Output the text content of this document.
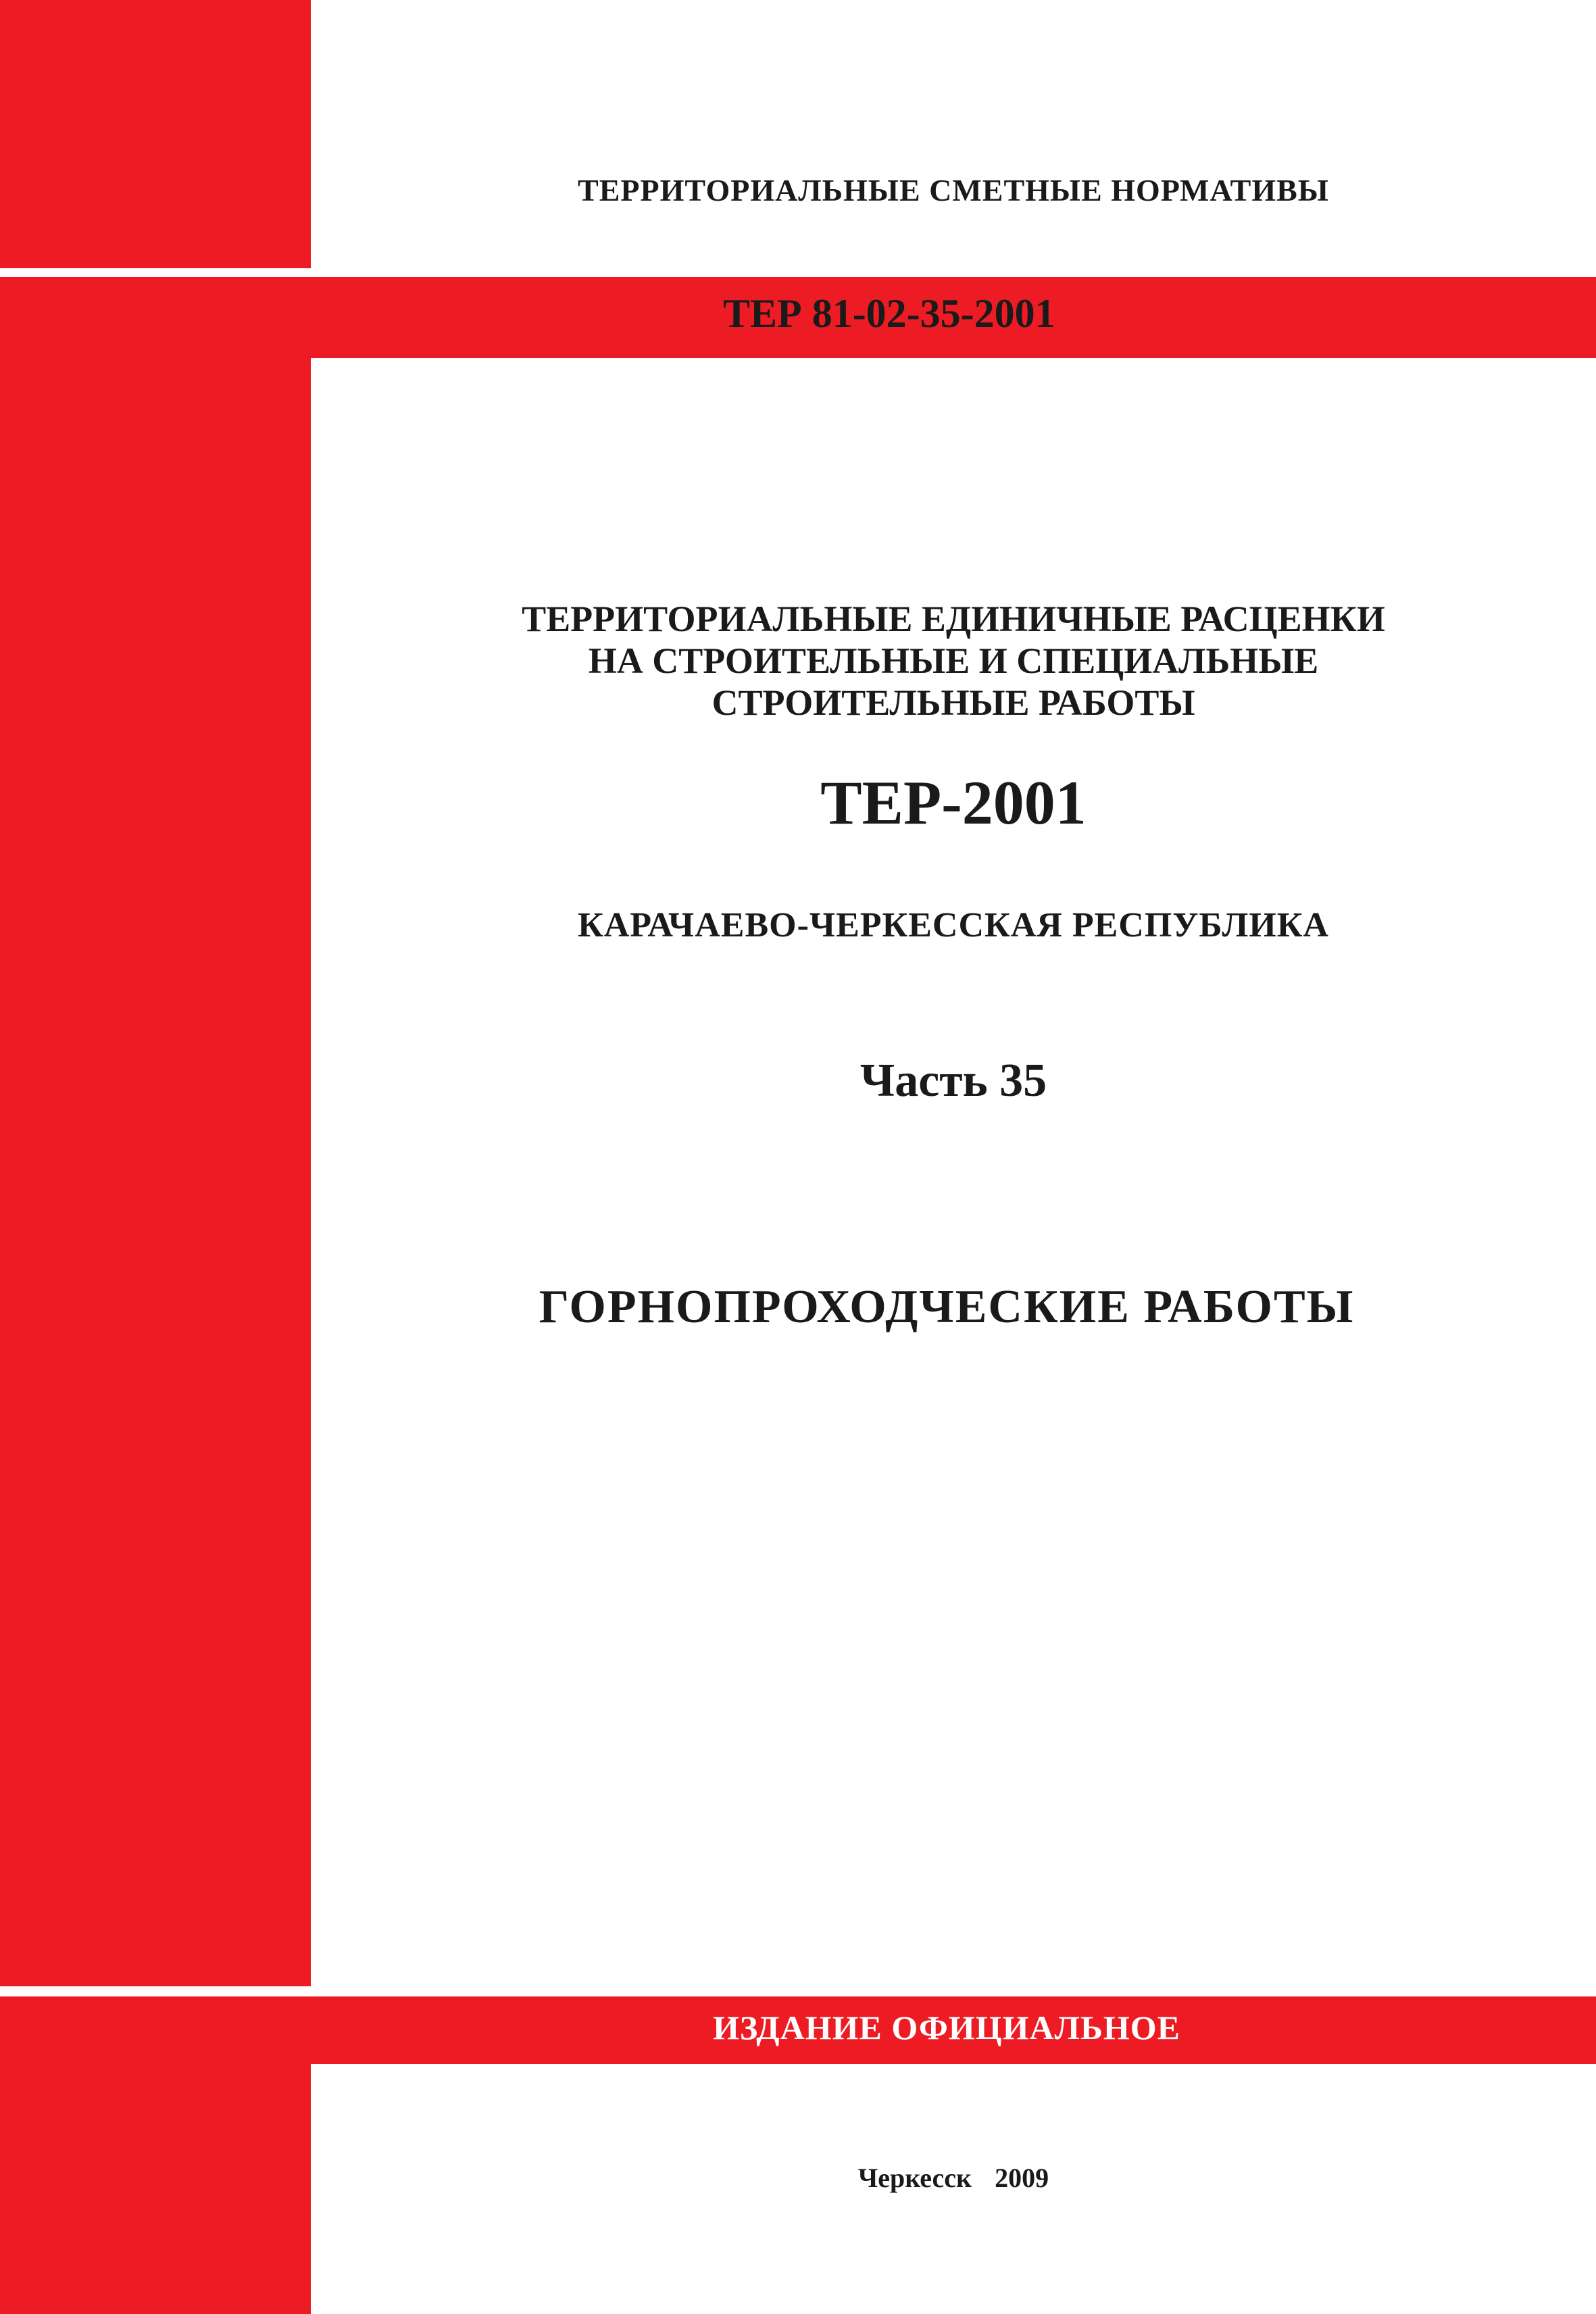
ТЕРРИТОРИАЛЬНЫЕ СМЕТНЫЕ НОРМАТИВЫ
ТЕР 81-02-35-2001
ТЕРРИТОРИАЛЬНЫЕ ЕДИНИЧНЫЕ РАСЦЕНКИ
НА СТРОИТЕЛЬНЫЕ И СПЕЦИАЛЬНЫЕ
СТРОИТЕЛЬНЫЕ РАБОТЫ
ТЕР-2001
КАРАЧАЕВО-ЧЕРКЕССКАЯ РЕСПУБЛИКА
Часть 35
ГОРНОПРОХОДЧЕСКИЕ РАБОТЫ
ИЗДАНИЕ ОФИЦИАЛЬНОЕ
Черкесск 2009
